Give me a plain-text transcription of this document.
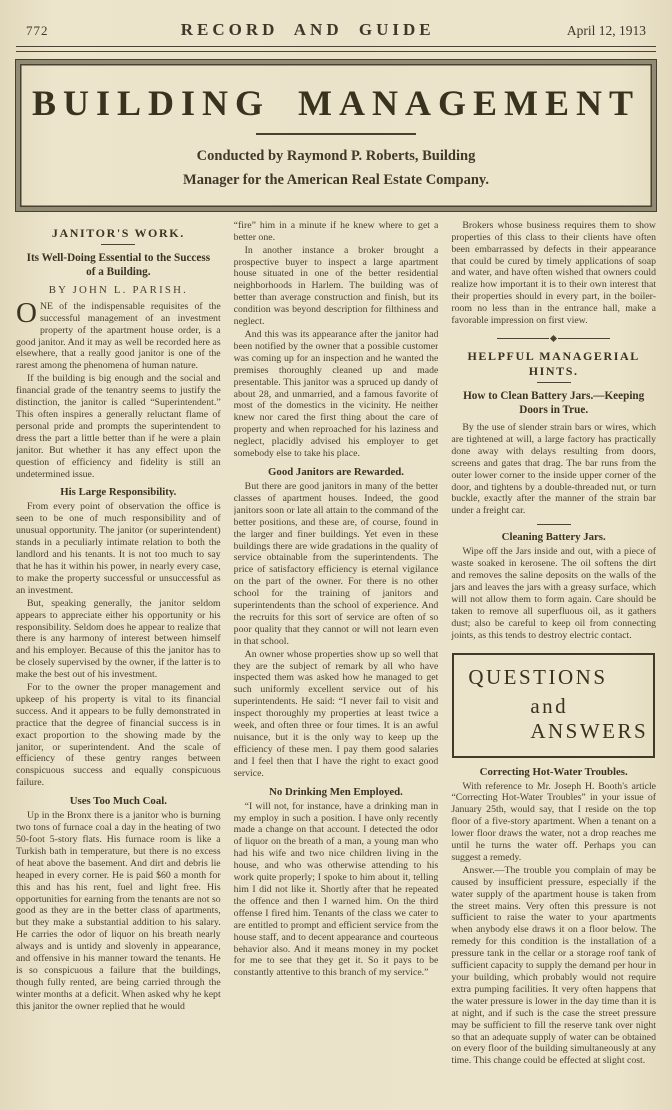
772	RECORD AND GUIDE	April 12, 1913
BUILDING MANAGEMENT
Conducted by Raymond P. Roberts, Building
Manager for the American Real Estate Company.
JANITOR'S WORK.
Its Well-Doing Essential to the Success of a Building.
BY JOHN L. PARISH.

ONE of the indispensable requisites of the successful management of an investment property of the apartment house order, is a good janitor. And it may as well be recorded here as elsewhere, that a really good janitor is one of the rarest among the phenomena of human nature.

If the building is big enough and the social and financial grade of the tenantry seems to justify the distinction, the janitor is called “Superintendent.” This often inspires a generally reluctant flame of personal pride and prompts the superintendent to dress the part a little better than if he were a plain janitor. But whether it has any effect upon the question of efficiency and fidelity is still an undetermined issue.

His Large Responsibility.

From every point of observation the office is seen to be one of much responsibility and of unusual opportunity. The janitor (or superintendent) stands in a peculiarly intimate relation to both the landlord and his tenants. It is not too much to say that he has it within his power, in nearly every case, to make the property successful or unsuccessful as an investment.

But, speaking generally, the janitor seldom appears to appreciate either his opportunity or his responsibility. Seldom does he appear to realize that there is any harmony of interest between himself and his employer. Because of this the janitor has to be closely supervised by the owner, if the latter is to make the best out of his investment.

For to the owner the proper management and upkeep of his property is vital to its financial success. And it appears to be fully demonstrated in practice that the degree of financial success is in exact proportion to the showing made by the janitor, or superintendent. And the scale of efficiency of these gentry ranges between conspicuous success and equally conspicuous failure.

Uses Too Much Coal.

Up in the Bronx there is a janitor who is burning two tons of furnace coal a day in the heating of two 50-foot 5-story flats. His furnace room is like a Turkish bath in temperature, but there is no excess of heat above the basement. And dirt and debris lie heaped in every corner. He is paid $60 a month for this and has his rent, fuel and light free. His opportunities for earning from the tenants are not so good as they are in the better class of apartments, but they make a substantial addition to his salary. He carries the odor of liquor on his breath nearly always and is untidy and slovenly in appearance, and offensive in his manner toward the tenants. He is so conspicuous a failure that the buildings, though fully rented, are being carried through the winter months at a deficit. When asked why he kept this janitor the owner replied that he would

“fire” him in a minute if he knew where to get a better one.

In another instance a broker brought a prospective buyer to inspect a large apartment house situated in one of the better residential neighborhoods in Harlem. The building was of better than average construction and finish, but its condition was beyond description for filthiness and neglect.

And this was its appearance after the janitor had been notified by the owner that a possible customer was coming up for an inspection and he wanted the premises thoroughly cleaned up and made presentable. This janitor was a spruced up dandy of about 28, and unmarried, and a famous favorite of most of the domestics in the vicinity. He neither knew nor cared the first thing about the care of property and when reproached for his laziness and neglect, placidly advised his employer to get somebody else to take his place.

Good Janitors are Rewarded.

But there are good janitors in many of the better classes of apartment houses. Indeed, the good janitors soon or late all attain to the command of the better positions, and these are, of course, found in the larger and finer buildings. Yet even in these buildings there are wide gradations in the quality of service obtainable from the superintendents. The price of satisfactory efficiency is eternal vigilance on the part of the owner. For there is no other school for the training of janitors and superintendents than the school of experience. And the recruits for this sort of service are often of so poor quality that they cannot or will not learn even in that school.

An owner whose properties show up so well that they are the subject of remark by all who have inspected them was asked how he managed to get such uniformly excellent service out of his superintendents. He said: “I never fail to visit and inspect thoroughly my properties at least twice a week, and often three or four times. It is an awful nuisance, but it is the only way to keep up the efficiency of these men. I pay them good salaries and I feel then that I have the right to exact good service.

No Drinking Men Employed.

“I will not, for instance, have a drinking man in my employ in such a position. I have only recently made a change on that account. I detected the odor of liquor on the breath of a man, a young man who had his wife and two nice children living in the house, and who was otherwise attending to his work quite properly; I spoke to him about it, telling him I did not like it. Shortly after that he repeated the offence and then I warned him. On the third offense I fired him. Tenants of the class we cater to are entitled to prompt and efficient service from the house staff, and to decent appearance and courteous behavior also. And it means money in my pocket for me to see that they get it. So it pays to be constantly attentive to this branch of my service.”

Brokers whose business requires them to show properties of this class to their clients have often been embarrassed by defects in their appearance that could be cured by timely applications of soap and water, and have often wished that owners could realize how important it is to their own interest that their properties should in every part, in the boiler-room no less than in the entrance hall, make a favorable impression on first view.

HELPFUL MANAGERIAL HINTS.
How to Clean Battery Jars.—Keeping Doors in True.

By the use of slender strain bars or wires, which are tightened at will, a large factory has practically done away with delays resulting from doors, screens and gates that drag. The bar runs from the outer lower corner to the inside upper corner of the door, and tightens by a double-threaded nut, or turn buckle, exactly after the manner of the strain bar under a freight car.

Cleaning Battery Jars.

Wipe off the Jars inside and out, with a piece of waste soaked in kerosene. The oil softens the dirt and removes the saline deposits on the walls of the jars and leaves the jars with a greasy surface, which will not allow them to form again. Care should be taken to remove all superfluous oil, as it gathers dust; also be careful to keep oil from connecting joints, as this tends to destroy electric contact.

QUESTIONS
and ANSWERS
Correcting Hot-Water Troubles.

With reference to Mr. Joseph H. Booth's article “Correcting Hot-Water Troubles” in your issue of January 25th, would say, that I reside on the top floor of a five-story apartment. When a tenant on a lower floor draws the water, not a drop reaches me until he turns the water off. Perhaps you can suggest a remedy.

Answer.—The trouble you complain of may be caused by insufficient pressure, especially if the water supply of the apartment house is taken from the street mains. Very often this pressure is not sufficient to raise the water to your apartments when anybody else draws it on a floor below. The remedy for this condition is the installation of a pressure tank in the cellar or a storage roof tank of sufficient capacity to supply the demand per hour in your building, which probably would not require extra pumping facilities. It very often happens that the water pressure is lower in the day time than it is at night, and if such is the case the street pressure may be sufficient to fill the reserve tank over night so that an adequate supply of water can be obtained on every floor of the building simultaneously at any time. This change could be effected at slight cost.
